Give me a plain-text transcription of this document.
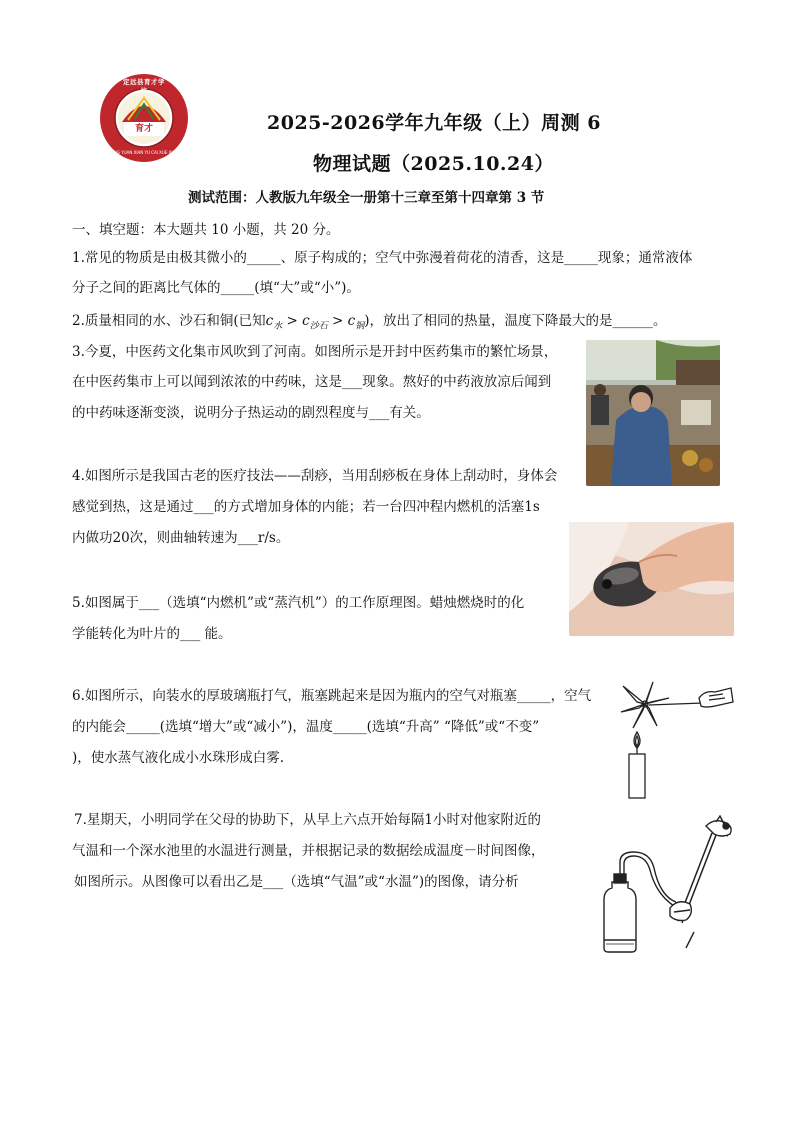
育才
定远县育才学校
DING YUAN XIAN YU CAI XUE XIAO
2025-2026学年九年级（上）周测 6
物理试题（2025.10.24）
测试范围：人教版九年级全一册第十三章至第十四章第 3 节
一、填空题：本大题共 10 小题，共 20 分。
1.常见的物质是由极其微小的_____、原子构成的；空气中弥漫着荷花的清香，这是_____现象；通常液体
分子之间的距离比气体的_____(填“大”或“小”)。
2.质量相同的水、沙石和铜(已知$c_水 > c_{沙石} > c_铜$)，放出了相同的热量，温度下降最大的是______。
3.今夏，中医药文化集市风吹到了河南。如图所示是开封中医药集市的繁忙场景，
在中医药集市上可以闻到浓浓的中药味，这是___现象。熬好的中药液放凉后闻到
的中药味逐渐变淡，说明分子热运动的剧烈程度与___有关。
4.如图所示是我国古老的医疗技法——刮痧，当用刮痧板在身体上刮动时，身体会
感觉到热，这是通过___的方式增加身体的内能；若一台四冲程内燃机的活塞1s
内做功20次，则曲轴转速为___r/s。
5.如图属于___（选填“内燃机”或“蒸汽机”）的工作原理图。蜡烛燃烧时的化
学能转化为叶片的___ 能。
6.如图所示，向装水的厚玻璃瓶打气，瓶塞跳起来是因为瓶内的空气对瓶塞_____，空气
的内能会_____(选填“增大”或“减小”)，温度_____(选填“升高” “降低”或“不变”
)，使水蒸气液化成小水珠形成白雾.
7.星期天，小明同学在父母的协助下，从早上六点开始每隔1小时对他家附近的
气温和一个深水池里的水温进行测量，并根据记录的数据绘成温度－时间图像，
如图所示。从图像可以看出乙是___（选填“气温”或“水温”)的图像，请分析
